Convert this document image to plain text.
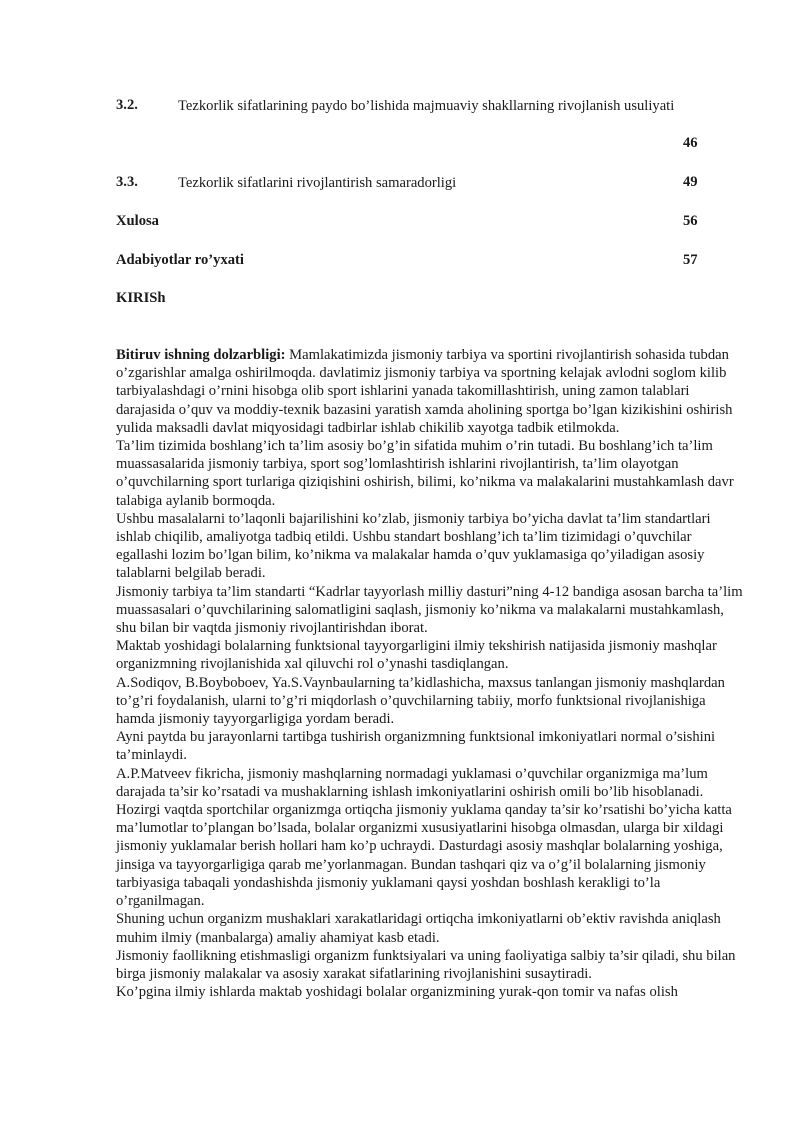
3.2.	Tezkorlik sifatlarining paydo bo’lishida majmuaviy shakllarning rivojlanish usuliyati
46
3.3.	Tezkorlik sifatlarini rivojlantirish samaradorligi	49
Xulosa	56
Adabiyotlar ro’yxati	57
KIRISh

Bitiruv ishning dolzarbligi: Mamlakatimizda jismoniy tarbiya va sportini rivojlantirish sohasida tubdan o’zgarishlar amalga oshirilmoqda. davlatimiz jismoniy tarbiya va sportning kelajak avlodni soglom kilib tarbiyalashdagi o’rnini hisobga olib sport ishlarini yanada takomillashtirish, uning zamon talablari darajasida o’quv va moddiy-texnik bazasini yaratish xamda aholining sportga bo’lgan kizikishini oshirish yulida maksadli davlat miqyosidagi tadbirlar ishlab chikilib xayotga tadbik etilmokda.

Ta’lim tizimida boshlang’ich ta’lim asosiy bo’g’in sifatida muhim o’rin tutadi. Bu boshlang’ich ta’lim muassasalarida jismoniy tarbiya, sport sog’lomlashtirish ishlarini rivojlantirish, ta’lim olayotgan o’quvchilarning sport turlariga qiziqishini oshirish, bilimi, ko’nikma va malakalarini mustahkamlash davr talabiga aylanib bormoqda.

Ushbu masalalarni to’laqonli bajarilishini ko’zlab, jismoniy tarbiya bo’yicha davlat ta’lim standartlari ishlab chiqilib, amaliyotga tadbiq etildi. Ushbu standart boshlang’ich ta’lim tizimidagi o’quvchilar egallashi lozim bo’lgan bilim, ko’nikma va malakalar hamda o’quv yuklamasiga qo’yiladigan asosiy talablarni belgilab beradi.

Jismoniy tarbiya ta’lim standarti “Kadrlar tayyorlash milliy dasturi”ning 4-12 bandiga asosan barcha ta’lim muassasalari o’quvchilarining salomatligini saqlash, jismoniy ko’nikma va malakalarni mustahkamlash, shu bilan bir vaqtda jismoniy rivojlantirishdan iborat.

Maktab yoshidagi bolalarning funktsional tayyorgarligini ilmiy tekshirish natijasida jismoniy mashqlar organizmning rivojlanishida xal qiluvchi rol o’ynashi tasdiqlangan.

A.Sodiqov, B.Boyboboev, Ya.S.Vaynbaularning ta’kidlashicha, maxsus tanlangan jismoniy mashqlardan to’g’ri foydalanish, ularni to’g’ri miqdorlash o’quvchilarning tabiiy, morfo funktsional rivojlanishiga hamda jismoniy tayyorgarligiga yordam beradi.

Ayni paytda bu jarayonlarni tartibga tushirish organizmning funktsional imkoniyatlari normal o’sishini ta’minlaydi.

A.P.Matveev fikricha, jismoniy mashqlarning normadagi yuklamasi o’quvchilar organizmiga ma’lum darajada ta’sir ko’rsatadi va mushaklarning ishlash imkoniyatlarini oshirish omili bo’lib hisoblanadi.

Hozirgi vaqtda sportchilar organizmga ortiqcha jismoniy yuklama qanday ta’sir ko’rsatishi bo’yicha katta ma’lumotlar to’plangan bo’lsada, bolalar organizmi xususiyatlarini hisobga olmasdan, ularga bir xildagi jismoniy yuklamalar berish hollari ham ko’p uchraydi. Dasturdagi asosiy mashqlar bolalarning yoshiga, jinsiga va tayyorgarligiga qarab me’yorlanmagan. Bundan tashqari qiz va o’g’il bolalarning jismoniy tarbiyasiga tabaqali yondashishda jismoniy yuklamani qaysi yoshdan boshlash kerakligi to’la o’rganilmagan.

Shuning uchun organizm mushaklari xarakatlaridagi ortiqcha imkoniyatlarni ob’ektiv ravishda aniqlash muhim ilmiy (manbalarga) amaliy ahamiyat kasb etadi.

Jismoniy faollikning etishmasligi organizm funktsiyalari va uning faoliyatiga salbiy ta’sir qiladi, shu bilan birga jismoniy malakalar va asosiy xarakat sifatlarining rivojlanishini susaytiradi.

Ko’pgina ilmiy ishlarda maktab yoshidagi bolalar organizmining yurak-qon tomir va nafas olish
